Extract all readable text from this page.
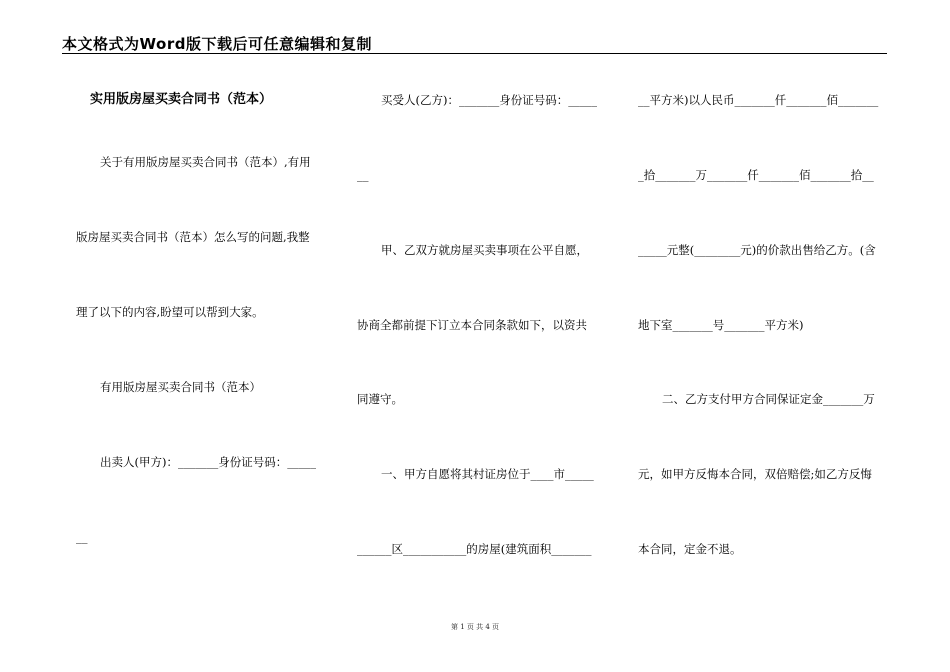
本文格式为Word版下载后可任意编辑和复制
实用版房屋买卖合同书（范本）
关于有用版房屋买卖合同书（范本）,有用
版房屋买卖合同书（范本）怎么写的问题,我整
理了以下的内容,盼望可以帮到大家。
有用版房屋买卖合同书（范本）
出卖人(甲方)：_______身份证号码：_____
__
买受人(乙方)：_______身份证号码：_____
__
甲、乙双方就房屋买卖事项在公平自愿，
协商全都前提下订立本合同条款如下，以资共
同遵守。
一、甲方自愿将其村证房位于____市_____
______区___________的房屋(建筑面积_______
__平方米)以人民币_______仟_______佰_______
_拾_______万_______仟_______佰_______拾__
_____元整(________元)的价款出售给乙方。(含
地下室_______号_______平方米)
二、乙方支付甲方合同保证定金_______万
元，如甲方反悔本合同，双倍赔偿;如乙方反悔
本合同，定金不退。
第 1 页 共 4 页
